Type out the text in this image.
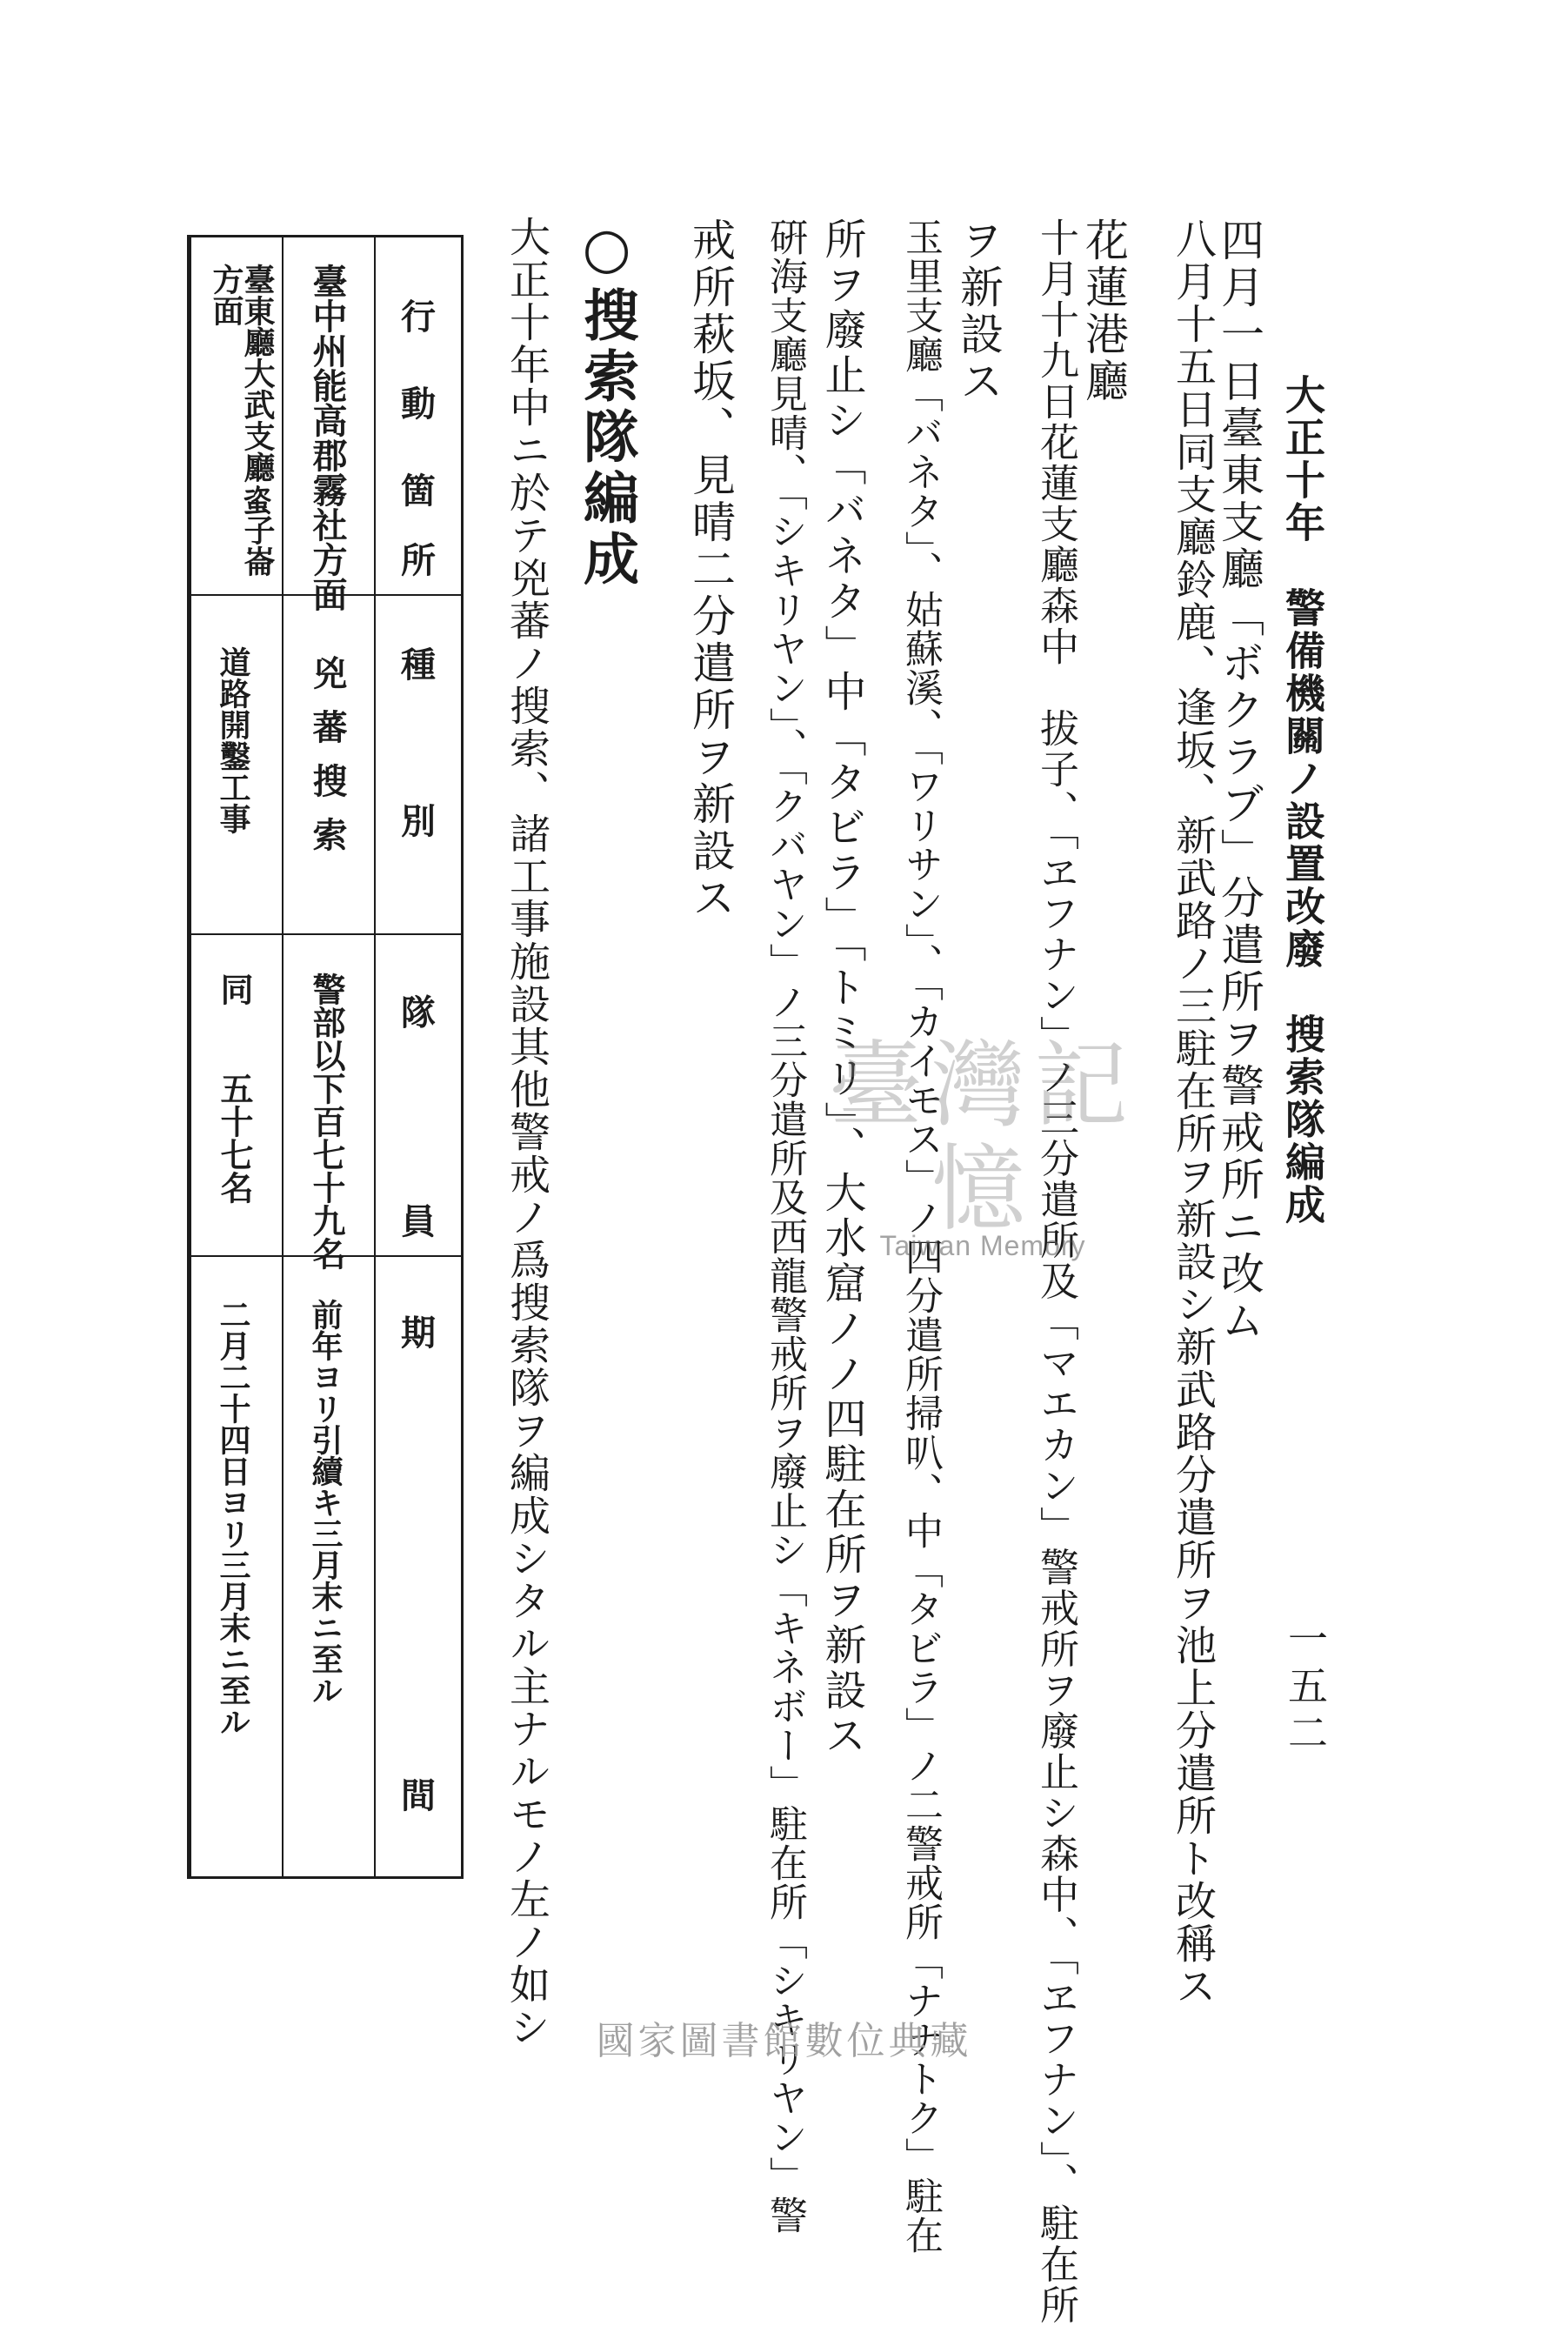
大正十年　警備機關ノ設置改廢　搜索隊編成
一五二
四月一日臺東支廳「ボクラブ」分遣所ヲ警戒所ニ改ム
八月十五日同支廳鈴鹿、逢坂、新武路ノ三駐在所ヲ新設シ新武路分遣所ヲ池上分遣所ト改稱ス
花蓮港廳
十月十九日花蓮支廳森中　拔子、「ヱフナン」ノ三分遣所及「マエカン」警戒所ヲ廢止シ森中、「ヱフナン」、駐在所
ヲ新設ス
玉里支廳「バネタ」、姑蘇溪、「ワリサン」、「カイモス」ノ四分遣所掃叭、中「タビラ」ノ二警戒所「ナナトク」駐在
所ヲ廢止シ「バネタ」中「タビラ」「トミリ」、大水窟ノノ四駐在所ヲ新設ス
硏海支廳見晴、「シキリヤン」、「クバヤン」ノ三分遣所及西龍警戒所ヲ廢止シ「キネボー」駐在所「シキリヤン」警
戒所萩坂、見晴二分遣所ヲ新設ス
○搜索隊編成
大正十年中ニ於テ兇蕃ノ搜索、諸工事施設其他警戒ノ爲搜索隊ヲ編成シタル主ナルモノ左ノ如シ
行
動
箇
所
種
別
隊
員
期
間
臺中州能高郡霧社方面
兇蕃搜索
警部以下百七十九名
前年ヨリ引續キ三月末ニ至ル
臺東廳大武支廳𧊒子崙方面
道路開鑿工事
同　　五十七名
二月二十四日ヨリ三月末ニ至ル
臺灣記憶
Taiwan Memory
國家圖書館數位典藏
